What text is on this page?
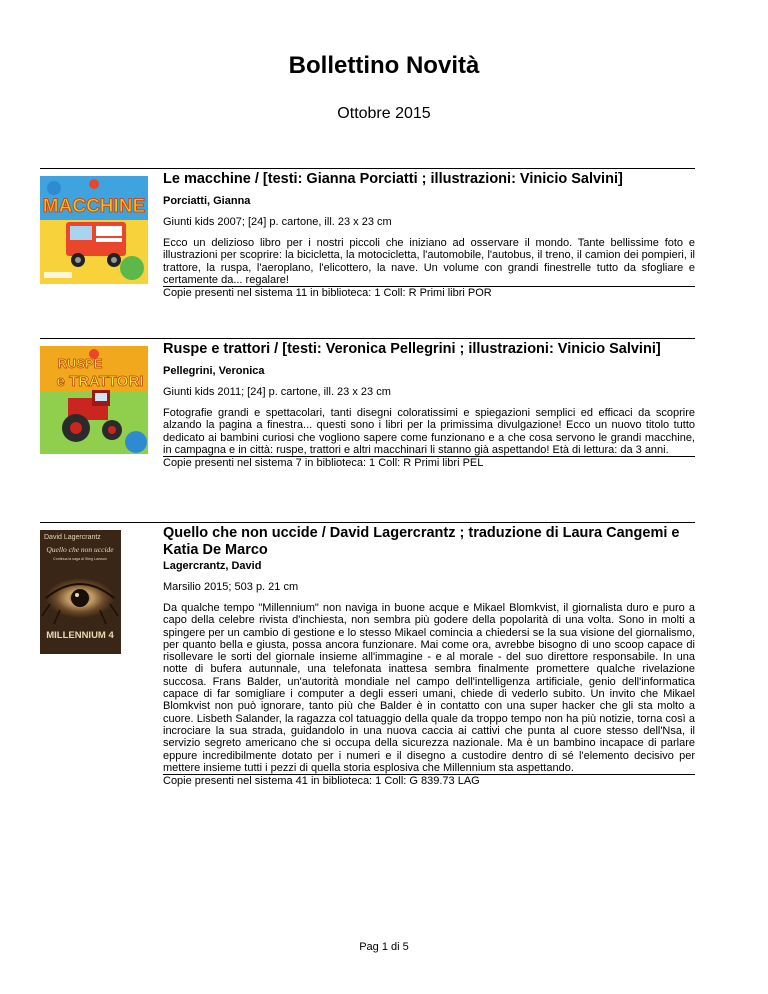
Bollettino Novità
Ottobre 2015
MACCHINE
Le macchine / [testi: Gianna Porciatti ; illustrazioni: Vinicio Salvini]
Porciatti, Gianna
Giunti kids 2007; [24] p. cartone, ill. 23 x 23 cm
Ecco un delizioso libro per i nostri piccoli che iniziano ad osservare il mondo. Tante bellissime foto e illustrazioni per scoprire: la bicicletta, la motocicletta, l'automobile, l'autobus, il treno, il camion dei pompieri, il trattore, la ruspa, l'aeroplano, l'elicottero, la nave. Un volume con grandi finestrelle tutto da sfogliare e certamente da... regalare!
Copie presenti nel sistema 11 in biblioteca: 1 Coll: R Primi libri POR
RUSPE
e TRATTORI
Ruspe e trattori / [testi: Veronica Pellegrini ; illustrazioni: Vinicio Salvini]
Pellegrini, Veronica
Giunti kids 2011; [24] p. cartone, ill. 23 x 23 cm
Fotografie grandi e spettacolari, tanti disegni coloratissimi e spiegazioni semplici ed efficaci da scoprire alzando la pagina a finestra... questi sono i libri per la primissima divulgazione! Ecco un nuovo titolo tutto dedicato ai bambini curiosi che vogliono sapere come funzionano e a che cosa servono le grandi macchine, in campagna e in città: ruspe, trattori e altri macchinari li stanno già aspettando! Età di lettura: da 3 anni.
Copie presenti nel sistema 7 in biblioteca: 1 Coll: R Primi libri PEL
David Lagercrantz
Quello che non uccide
Continua la saga di Stieg Larsson
MILLENNIUM 4
Quello che non uccide / David Lagercrantz ; traduzione di Laura Cangemi e Katia De Marco
Lagercrantz, David
Marsilio 2015; 503 p. 21 cm
Da qualche tempo "Millennium" non naviga in buone acque e Mikael Blomkvist, il giornalista duro e puro a capo della celebre rivista d'inchiesta, non sembra più godere della popolarità di una volta. Sono in molti a spingere per un cambio di gestione e lo stesso Mikael comincia a chiedersi se la sua visione del giornalismo, per quanto bella e giusta, possa ancora funzionare. Mai come ora, avrebbe bisogno di uno scoop capace di risollevare le sorti del giornale insieme all'immagine - e al morale - del suo direttore responsabile. In una notte di bufera autunnale, una telefonata inattesa sembra finalmente promettere qualche rivelazione succosa. Frans Balder, un'autorità mondiale nel campo dell'intelligenza artificiale, genio dell'informatica capace di far somigliare i computer a degli esseri umani, chiede di vederlo subito. Un invito che Mikael Blomkvist non può ignorare, tanto più che Balder è in contatto con una super hacker che gli sta molto a cuore. Lisbeth Salander, la ragazza col tatuaggio della quale da troppo tempo non ha più notizie, torna così a incrociare la sua strada, guidandolo in una nuova caccia ai cattivi che punta al cuore stesso dell'Nsa, il servizio segreto americano che si occupa della sicurezza nazionale. Ma è un bambino incapace di parlare eppure incredibilmente dotato per i numeri e il disegno a custodire dentro di sé l'elemento decisivo per mettere insieme tutti i pezzi di quella storia esplosiva che Millennium sta aspettando.
Copie presenti nel sistema 41 in biblioteca: 1 Coll: G 839.73 LAG
Pag 1 di 5
